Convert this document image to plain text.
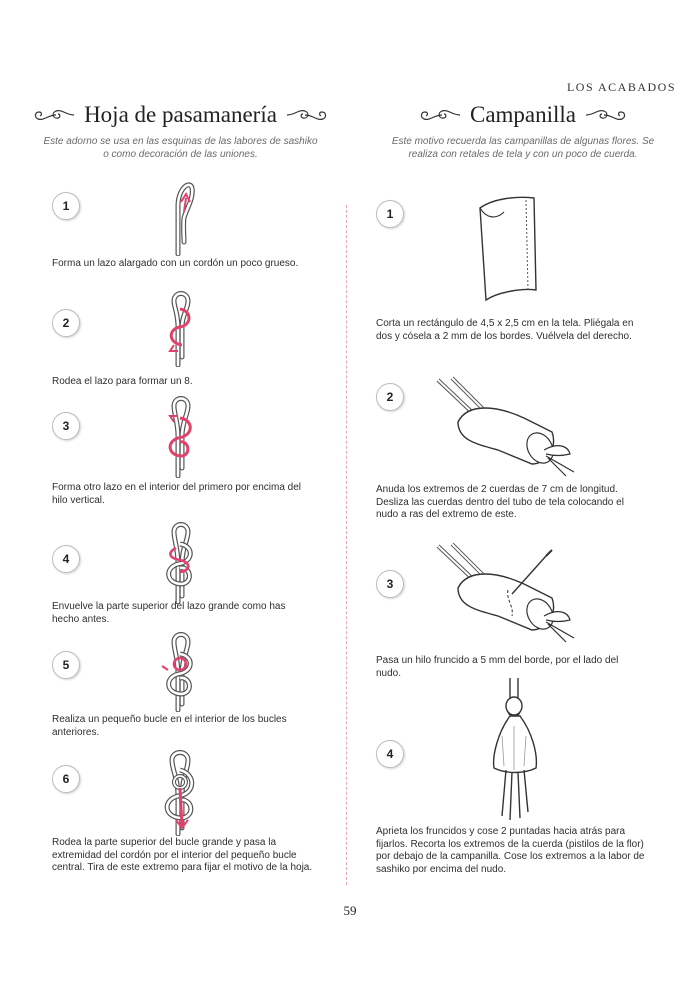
LOS ACABADOS
Hoja de pasamanería

Este adorno se usa en las esquinas de las labores de sashiko o como decoración de las uniones.

Campanilla

Este motivo recuerda las campanillas de algunas flores. Se realiza con retales de tela y con un poco de cuerda.

1
Forma un lazo alargado con un cordón un poco grueso.
2
Rodea el lazo para formar un 8.
3
Forma otro lazo en el interior del primero por encima del hilo vertical.
4
Envuelve la parte superior del lazo grande como has hecho antes.
5
Realiza un pequeño bucle en el interior de los bucles anteriores.
6
Rodea la parte superior del bucle grande y pasa la extremidad del cordón por el interior del pequeño bucle central. Tira de este extremo para fijar el motivo de la hoja.
1
Corta un rectángulo de 4,5 x 2,5 cm en la tela. Pliégala en dos y cósela a 2 mm de los bordes. Vuélvela del derecho.
2
Anuda los extremos de 2 cuerdas de 7 cm de longitud. Desliza las cuerdas dentro del tubo de tela colocando el nudo a ras del extremo de este.
3
Pasa un hilo fruncido a 5 mm del borde, por el lado del nudo.
4
Aprieta los fruncidos y cose 2 puntadas hacia atrás para fijarlos. Recorta los extremos de la cuerda (pistilos de la flor) por debajo de la campanilla. Cose los extremos a la labor de sashiko por encima del nudo.
59
